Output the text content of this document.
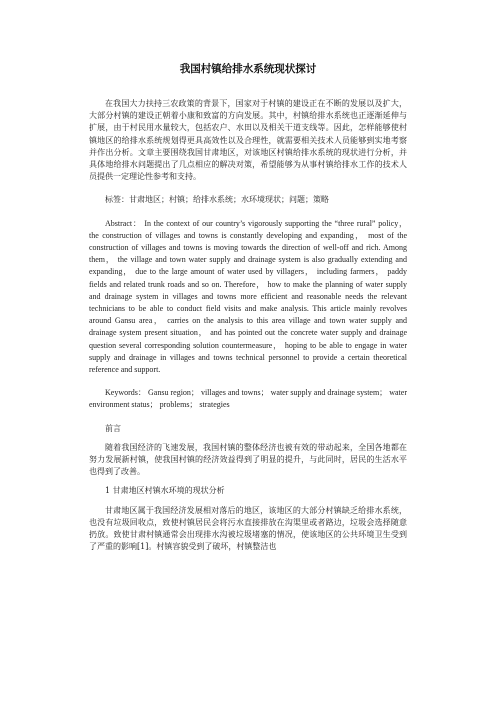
我国村镇给排水系统现状探讨

在我国大力扶持三农政策的背景下，国家对于村镇的建设正在不断的发展以及扩大，大部分村镇的建设正朝着小康和致富的方向发展。其中，村镇给排水系统也正逐渐延伸与扩展，由于村民用水量较大，包括农户、水田以及相关干道支线等。因此，怎样能够使村镇地区的给排水系统规划得更具高效性以及合理性，就需要相关技术人员能够到实地考察并作出分析。文章主要围绕我国甘肃地区，对该地区村镇给排水系统的现状进行分析，并具体地给排水问题提出了几点相应的解决对策，希望能够为从事村镇给排水工作的技术人员提供一定理论性参考和支持。

标签：甘肃地区；村镇；给排水系统；水环境现状；问题；策略

Abstract： In the context of our country’s vigorously supporting the “three rural” policy， the construction of villages and towns is constantly developing and expanding， most of the construction of villages and towns is moving towards the direction of well-off and rich. Among them， the village and town water supply and drainage system is also gradually extending and expanding， due to the large amount of water used by villagers， including farmers， paddy fields and related trunk roads and so on. Therefore， how to make the planning of water supply and drainage system in villages and towns more efficient and reasonable needs the relevant technicians to be able to conduct field visits and make analysis. This article mainly revolves around Gansu area， carries on the analysis to this area village and town water supply and drainage system present situation， and has pointed out the concrete water supply and drainage question several corresponding solution countermeasure， hoping to be able to engage in water supply and drainage in villages and towns technical personnel to provide a certain theoretical reference and support.

Keywords： Gansu region； villages and towns； water supply and drainage system； water environment status； problems； strategies

前言

随着我国经济的飞速发展，我国村镇的整体经济也被有效的带动起来，全国各地都在努力发展新村镇，使我国村镇的经济效益得到了明显的提升，与此同时，居民的生活水平也得到了改善。

1 甘肃地区村镇水环境的现状分析

甘肃地区属于我国经济发展相对落后的地区，该地区的大部分村镇缺乏给排水系统，也没有垃圾回收点，致使村镇居民会将污水直接排放在沟渠里或者路边，垃圾会选择随意扔放。致使甘肃村镇通常会出现排水沟被垃圾堵塞的情况，使该地区的公共环境卫生受到了严重的影响[1]。村镇容貌受到了破坏，村镇整洁也
